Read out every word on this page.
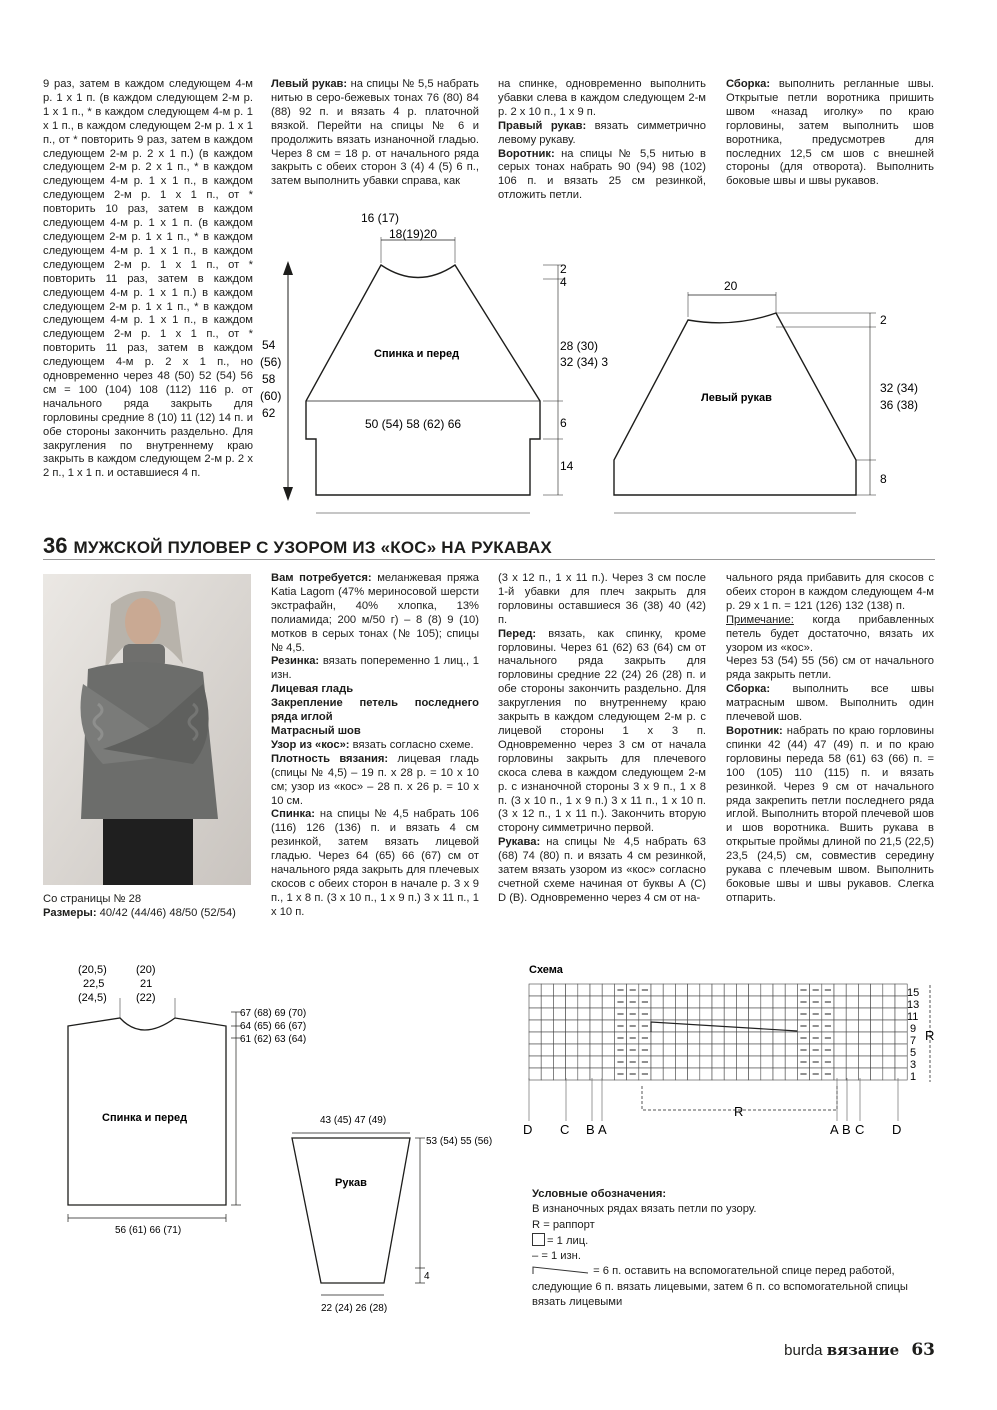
9 раз, затем в каждом следующем 4-м р. 1 х 1 п. (в каждом следующем 2-м р. 1 х 1 п., * в каждом следующем 4-м р. 1 х 1 п., в каждом следующем 2-м р. 1 х 1 п., от * повторить 9 раз, затем в каждом следующем 2-м р. 2 х 1 п.) (в каждом следующем 2-м р. 2 х 1 п., * в каждом следующем 4-м р. 1 х 1 п., в каждом следующем 2-м р. 1 х 1 п., от * повторить 10 раз, затем в каждом следующем 4-м р. 1 х 1 п. (в каждом следующем 2-м р. 1 х 1 п., * в каждом следующем 4-м р. 1 х 1 п., в каждом следующем 2-м р. 1 х 1 п., от * повторить 11 раз, затем в каждом следующем 4-м р. 1 х 1 п.) в каждом следующем 2-м р. 1 х 1 п., * в каждом следующем 4-м р. 1 х 1 п., в каждом следующем 2-м р. 1 х 1 п., от * повторить 11 раз, затем в каждом следующем 4-м р. 2 х 1 п., но одновременно через 48 (50) 52 (54) 56 см = 100 (104) 108 (112) 116 р. от начального ряда закрыть для горловины средние 8 (10) 11 (12) 14 п. и обе стороны закончить раздельно. Для закругления по внутреннему краю закрыть в каждом следующем 2-м р. 2 х 2 п., 1 х 1 п. и оставшиеся 4 п.

Левый рукав: на спицы № 5,5 набрать нитью в серо-бежевых тонах 76 (80) 84 (88) 92 п. и вязать 4 р. платочной вязкой. Перейти на спицы № 6 и продолжить вязать изнаночной гладью. Через 8 см = 18 р. от начального ряда закрыть с обеих сторон 3 (4) 4 (5) 6 п., затем выполнить убавки справа, как

на спинке, одновременно выполнить убавки слева в каждом следующем 2-м р. 2 х 10 п., 1 х 9 п.

Правый рукав: вязать симметрично левому рукаву.

Воротник: на спицы № 5,5 нитью в серых тонах набрать 90 (94) 98 (102) 106 п. и вязать 25 см резинкой, отложить петли.

Сборка: выполнить регланные швы. Открытые петли воротника пришить швом «назад иголку» по краю горловины, затем выполнить шов воротника, предусмотрев для последних 12,5 см шов с внешней стороны (для отворота). Выполнить боковые швы и швы рукавов.

16 (17)
18(19)20
2
4
28 (30)
32 (34) 3
6
14
Спинка и перед
50 (54) 58 (62) 66
54
(56)
58
(60)
62
20
2
32 (34)
36 (38)
8
Левый рукав
36 МУЖСКОЙ ПУЛОВЕР С УЗОРОМ ИЗ «КОС» НА РУКАВАХ
Со страницы № 28
Размеры: 40/42 (44/46) 48/50 (52/54)

Вам потребуется: меланжевая пряжа Katia Lagom (47% мериносовой шерсти экстрафайн, 40% хлопка, 13% полиамида; 200 м/50 г) – 8 (8) 9 (10) мотков в серых тонах (№ 105); спицы № 4,5.

Резинка: вязать попеременно 1 лиц., 1 изн.

Лицевая гладь

Закрепление петель последнего ряда иглой

Матрасный шов

Узор из «кос»: вязать согласно схеме.

Плотность вязания: лицевая гладь (спицы № 4,5) – 19 п. х 28 р. = 10 х 10 см; узор из «кос» – 28 п. х 26 р. = 10 х 10 см.

Спинка: на спицы № 4,5 набрать 106 (116) 126 (136) п. и вязать 4 см резинкой, затем вязать лицевой гладью. Через 64 (65) 66 (67) см от начального ряда закрыть для плечевых скосов с обеих сторон в начале р. 3 х 9 п., 1 х 8 п. (3 х 10 п., 1 х 9 п.) 3 х 11 п., 1 х 10 п.

(3 х 12 п., 1 х 11 п.). Через 3 см после 1-й убавки для плеч закрыть для горловины оставшиеся 36 (38) 40 (42) п.

Перед: вязать, как спинку, кроме горловины. Через 61 (62) 63 (64) см от начального ряда закрыть для горловины средние 22 (24) 26 (28) п. и обе стороны закончить раздельно. Для закругления по внутреннему краю закрыть в каждом следующем 2-м р. с лицевой стороны 1 х 3 п. Одновременно через 3 см от начала горловины закрыть для плечевого скоса слева в каждом следующем 2-м р. с изнаночной стороны 3 х 9 п., 1 х 8 п. (3 х 10 п., 1 х 9 п.) 3 х 11 п., 1 х 10 п. (3 х 12 п., 1 х 11 п.). Закончить вторую сторону симметрично первой.

Рукава: на спицы № 4,5 набрать 63 (68) 74 (80) п. и вязать 4 см резинкой, затем вязать узором из «кос» согласно счетной схеме начиная от буквы А (С) D (В). Одновременно через 4 см от на-

чального ряда прибавить для скосов с обеих сторон в каждом следующем 4-м р. 29 х 1 п. = 121 (126) 132 (138) п.

Примечание: когда прибавленных петель будет достаточно, вязать их узором из «кос».

Через 53 (54) 55 (56) см от начального ряда закрыть петли.

Сборка: выполнить все швы матрасным швом. Выполнить один плечевой шов.

Воротник: набрать по краю горловины спинки 42 (44) 47 (49) п. и по краю горловины переда 58 (61) 63 (66) п. = 100 (105) 110 (115) п. и вязать резинкой. Через 9 см от начального ряда закрепить петли последнего ряда иглой. Выполнить второй плечевой шов и шов воротника. Вшить рукава в открытые проймы длиной по 21,5 (22,5) 23,5 (24,5) см, совместив середину рукава с плечевым швом. Выполнить боковые швы и швы рукавов. Слегка отпарить.

(20,5)
22,5
(24,5)
(20)
21
(22)
67 (68) 69 (70)
64 (65) 66 (67)
61 (62) 63 (64)
Спинка и перед
56 (61) 66 (71)
43 (45) 47 (49)
53 (54) 55 (56)
4
Рукав
22 (24) 26 (28)
Схема
15
13
11
9
7
5
3
1
R
R
D C B A	A B C D

Условные обозначения:

В изнаночных рядах вязать петли по узору.

R = раппорт

= 1 лиц.

– = 1 изн.

= 6 п. оставить на вспомогательной спице перед работой, следующие 6 п. вязать лицевыми, затем 6 п. со вспомогательной спицы вязать лицевыми

burda вязание 63
